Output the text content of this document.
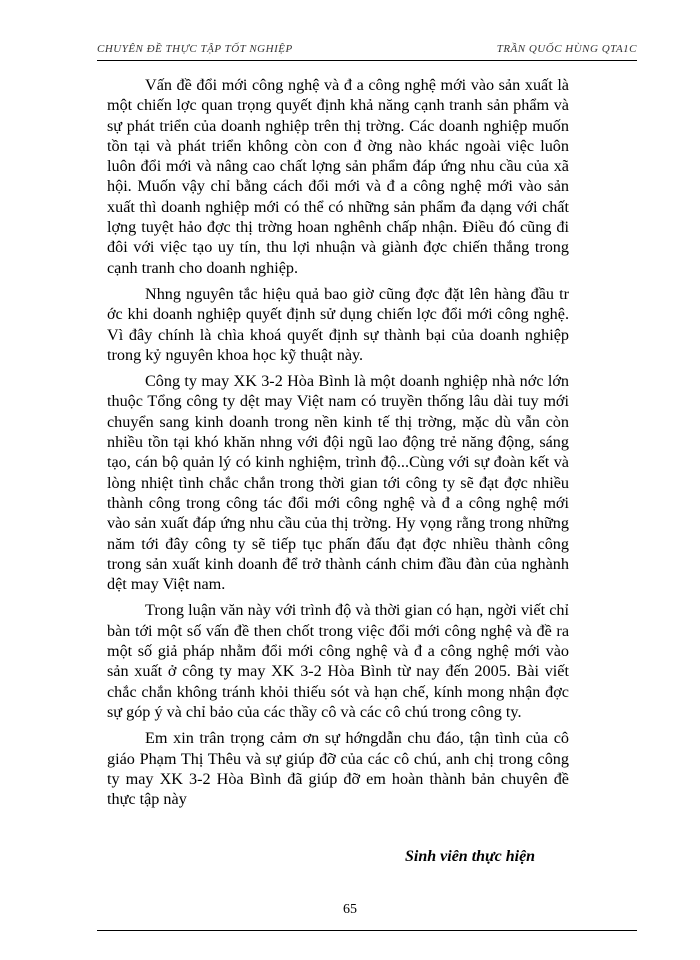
CHUYÊN ĐỀ THỰC TẬP TỐT NGHIỆP	TRẦN QUỐC HÙNG QTA1C

Vấn đề đổi mới công nghệ và đ a công nghệ mới vào sản xuất là một chiến lợc quan trọng quyết định khả năng cạnh tranh sản phẩm và sự phát triển của doanh nghiệp trên thị trờng. Các doanh nghiệp muốn tồn tại và phát triển không còn con đ ờng nào khác ngoài việc luôn luôn đổi mới và nâng cao chất lợng sản phẩm đáp ứng nhu cầu của xã hội. Muốn vậy chỉ bằng cách đổi mới và đ a công nghệ mới vào sản xuất thì doanh nghiệp mới có thể có những sản phẩm đa dạng với chất lợng tuyệt hảo đợc thị trờng hoan nghênh chấp nhận. Điều đó cũng đi đôi với việc tạo uy tín, thu lợi nhuận và giành đợc chiến thắng trong cạnh tranh cho doanh nghiệp.

Nhng nguyên tắc hiệu quả bao giờ cũng đợc đặt lên hàng đầu tr ớc khi doanh nghiệp quyết định sử dụng chiến lợc đổi mới công nghệ. Vì đây chính là chìa khoá quyết định sự thành bại của doanh nghiệp trong kỷ nguyên khoa học kỹ thuật này.

Công ty may XK 3-2 Hòa Bình là một doanh nghiệp nhà nớc lớn thuộc Tổng công ty dệt may Việt nam có truyền thống lâu dài tuy mới chuyển sang kinh doanh trong nền kinh tế thị trờng, mặc dù vẫn còn nhiều tồn tại khó khăn nhng với đội ngũ lao động trẻ năng động, sáng tạo, cán bộ quản lý có kinh nghiệm, trình độ...Cùng với sự đoàn kết và lòng nhiệt tình chắc chắn trong thời gian tới công ty sẽ đạt đợc nhiều thành công trong công tác đổi mới công nghệ và đ a công nghệ mới vào sản xuất đáp ứng nhu cầu của thị trờng. Hy vọng rằng trong những năm tới đây công ty sẽ tiếp tục phấn đấu đạt đợc nhiều thành công trong sản xuất kinh doanh để trở thành cánh chim đầu đàn của nghành dệt may Việt nam.

Trong luận văn này với trình độ và thời gian có hạn, ngời viết chỉ bàn tới một số vấn đề then chốt trong việc đổi mới công nghệ và đề ra một số giả pháp nhằm đổi mới công nghệ và đ a công nghệ mới vào sản xuất ở công ty may XK 3-2 Hòa Bình từ nay đến 2005. Bài viết chắc chắn không tránh khỏi thiếu sót và hạn chế, kính mong nhận đợc sự góp ý và chỉ bảo của các thầy cô và các cô chú trong công ty.

Em xin trân trọng cảm ơn sự hớngdẫn chu đáo, tận tình của cô giáo Phạm Thị Thêu và sự giúp đỡ của các cô chú, anh chị trong công ty may XK 3-2 Hòa Bình đã giúp đỡ em hoàn thành bản chuyên đề thực tập này

Sinh viên thực hiện
65
